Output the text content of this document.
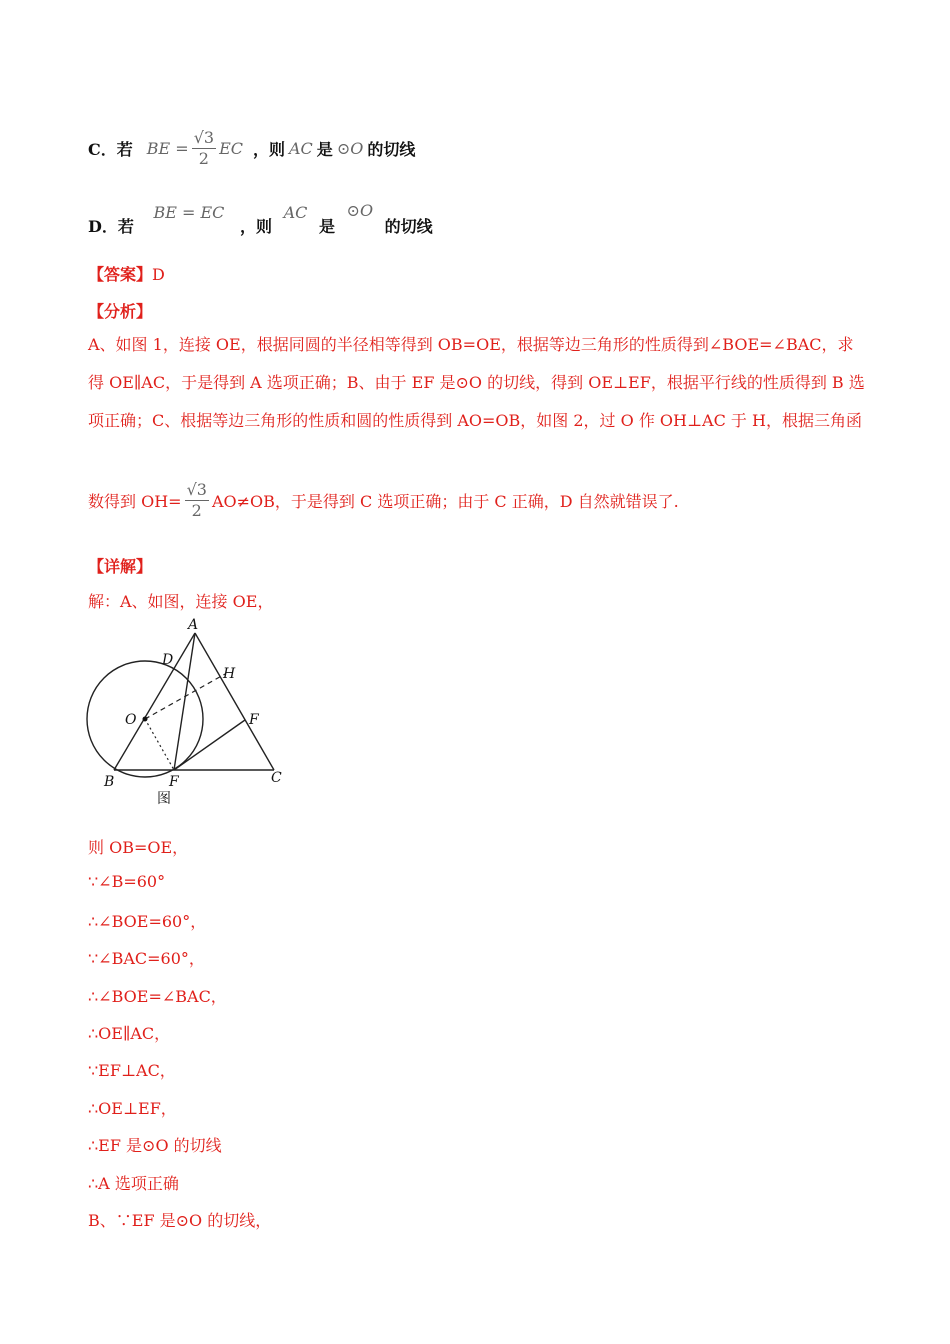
C．若 BE = $\frac{√3}{2}$ EC ，则 AC 是 ⊙O 的切线
D．若 BE = EC ，则 AC 是 ⊙O 的切线
【答案】D
【分析】
A、如图 1，连接 OE，根据同圆的半径相等得到 OB=OE，根据等边三角形的性质得到∠BOE=∠BAC，求
得 OE∥AC，于是得到 A 选项正确；B、由于 EF 是⊙O 的切线，得到 OE⊥EF，根据平行线的性质得到 B 选
项正确；C、根据等边三角形的性质和圆的性质得到 AO=OB，如图 2，过 O 作 OH⊥AC 于 H，根据三角函
数得到 $OH= \frac{√3}{2} AO\ne OB$，于是得到 C 选项正确；由于 C 正确，D 自然就错误了.
【详解】
解：A、如图，连接 OE，
A
D
H
O	F
B	F	C
图
则 OB=OE，
∵∠B=60°
∴∠BOE=60°，
∵∠BAC=60°，
∴∠BOE=∠BAC，
∴OE∥AC，
∵EF⊥AC，
∴OE⊥EF，
∴EF 是⊙O 的切线
∴A 选项正确
B、∵EF 是⊙O 的切线，
